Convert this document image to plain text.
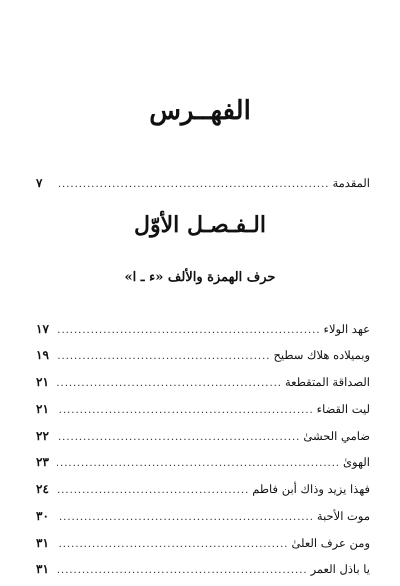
الفهــرس
المقدمة
.....
٧
الـفـصـل الأوّل
حرف الهمزة والألف «ء ـ ا»
عهد الولاء
.....
١٧
وبميلاده هلاك سطيح
.....
١٩
الصداقة المتقطعة
.....
٢١
ليت القضاء
.....
٢١
ضامي الحشىٰ
.....
٢٢
الهوىٰ
.....
٢٣
فهذا يزيد وذاك أبن فاطم
.....
٢٤
موت الأحبة
.....
٣٠
ومن عرف العلىٰ
.....
٣١
يا باذل العمر
.....
٣١
